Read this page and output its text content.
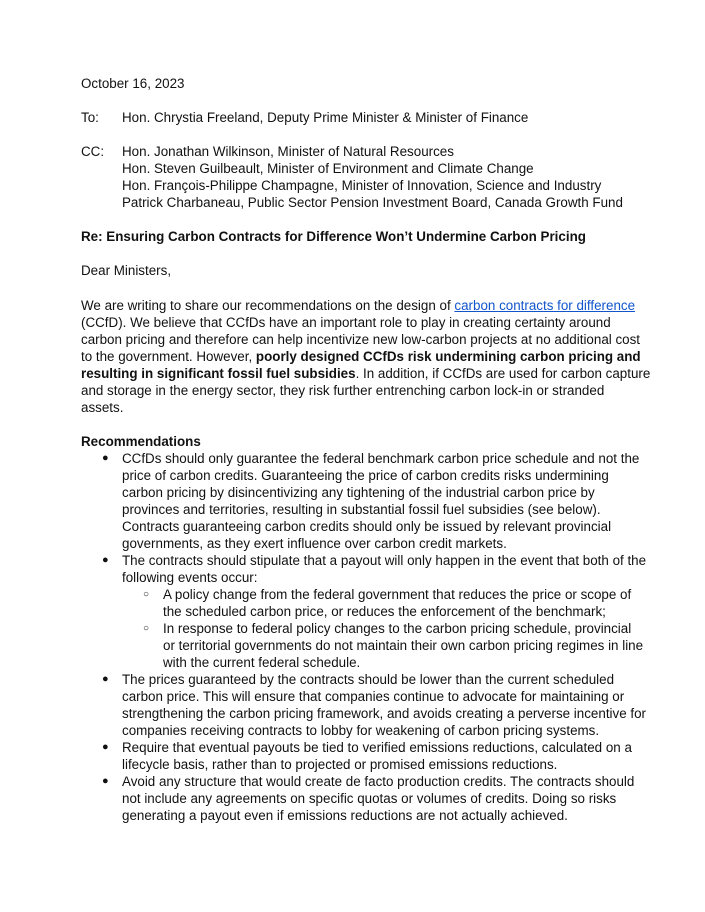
October 16, 2023
To: Hon. Chrystia Freeland, Deputy Prime Minister & Minister of Finance
CC: Hon. Jonathan Wilkinson, Minister of Natural Resources
Hon. Steven Guilbeault, Minister of Environment and Climate Change
Hon. François-Philippe Champagne, Minister of Innovation, Science and Industry
Patrick Charbaneau, Public Sector Pension Investment Board, Canada Growth Fund
Re: Ensuring Carbon Contracts for Difference Won’t Undermine Carbon Pricing
Dear Ministers,
We are writing to share our recommendations on the design of carbon contracts for difference
(CCfD). We believe that CCfDs have an important role to play in creating certainty around
carbon pricing and therefore can help incentivize new low-carbon projects at no additional cost
to the government. However, poorly designed CCfDs risk undermining carbon pricing and
resulting in significant fossil fuel subsidies. In addition, if CCfDs are used for carbon capture
and storage in the energy sector, they risk further entrenching carbon lock-in or stranded
assets.
Recommendations
● CCfDs should only guarantee the federal benchmark carbon price schedule and not the
price of carbon credits. Guaranteeing the price of carbon credits risks undermining
carbon pricing by disincentivizing any tightening of the industrial carbon price by
provinces and territories, resulting in substantial fossil fuel subsidies (see below).
Contracts guaranteeing carbon credits should only be issued by relevant provincial
governments, as they exert influence over carbon credit markets.
● The contracts should stipulate that a payout will only happen in the event that both of the
following events occur:
○ A policy change from the federal government that reduces the price or scope of
the scheduled carbon price, or reduces the enforcement of the benchmark;
○ In response to federal policy changes to the carbon pricing schedule, provincial
or territorial governments do not maintain their own carbon pricing regimes in line
with the current federal schedule.
● The prices guaranteed by the contracts should be lower than the current scheduled
carbon price. This will ensure that companies continue to advocate for maintaining or
strengthening the carbon pricing framework, and avoids creating a perverse incentive for
companies receiving contracts to lobby for weakening of carbon pricing systems.
● Require that eventual payouts be tied to verified emissions reductions, calculated on a
lifecycle basis, rather than to projected or promised emissions reductions.
● Avoid any structure that would create de facto production credits. The contracts should
not include any agreements on specific quotas or volumes of credits. Doing so risks
generating a payout even if emissions reductions are not actually achieved.
